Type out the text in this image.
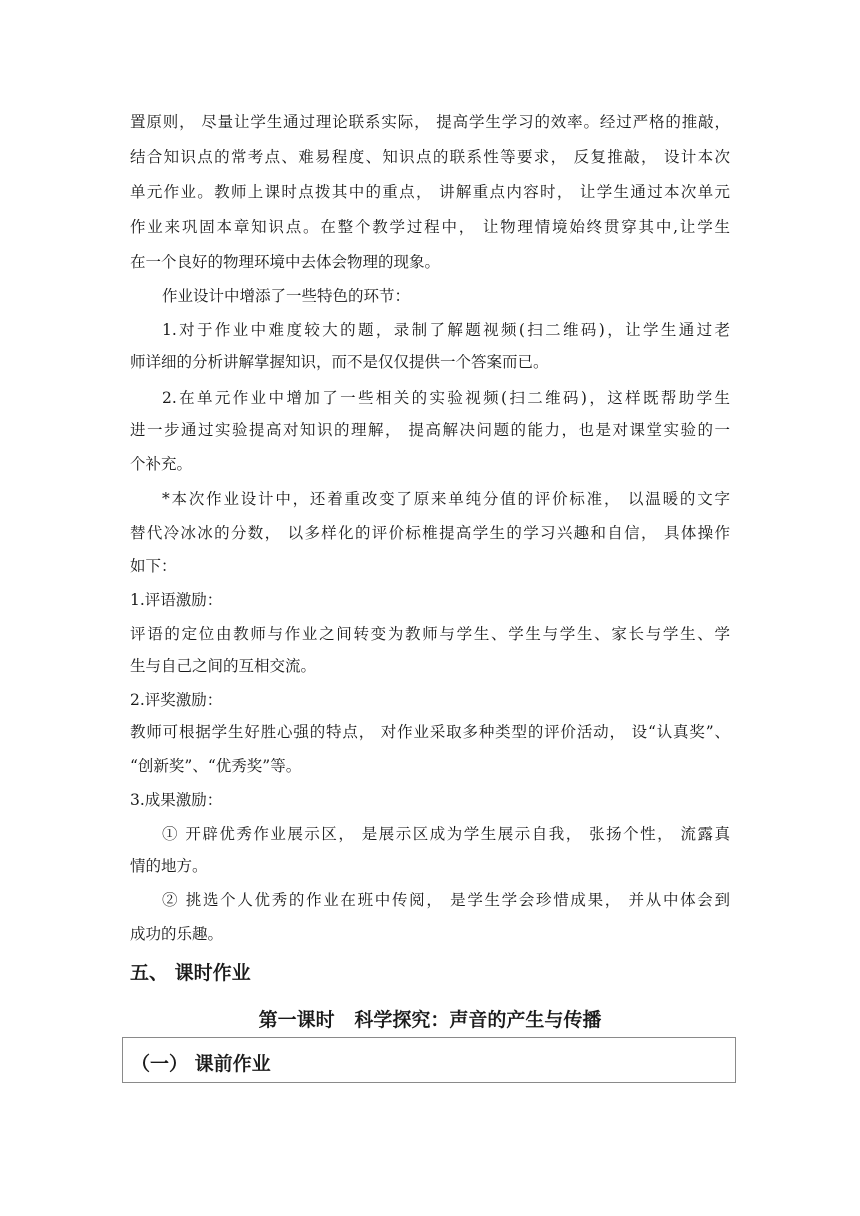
置原则， 尽量让学生通过理论联系实际， 提高学生学习的效率。经过严格的推敲，
结合知识点的常考点、难易程度、知识点的联系性等要求， 反复推敲， 设计本次
单元作业。教师上课时点拨其中的重点， 讲解重点内容时， 让学生通过本次单元
作业来巩固本章知识点。在整个教学过程中， 让物理情境始终贯穿其中,让学生
在一个良好的物理环境中去体会物理的现象。
作业设计中增添了一些特色的环节：
1.对于作业中难度较大的题，录制了解题视频(扫二维码)，让学生通过老
师详细的分析讲解掌握知识，而不是仅仅提供一个答案而已。
2.在单元作业中增加了一些相关的实验视频(扫二维码)，这样既帮助学生
进一步通过实验提高对知识的理解， 提高解决问题的能力，也是对课堂实验的一
个补充。
*本次作业设计中，还着重改变了原来单纯分值的评价标准， 以温暖的文字
替代冷冰冰的分数， 以多样化的评价标椎提高学生的学习兴趣和自信， 具体操作
如下：
1.评语激励：
评语的定位由教师与作业之间转变为教师与学生、学生与学生、家长与学生、学
生与自己之间的互相交流。
2.评奖激励：
教师可根据学生好胜心强的特点， 对作业采取多种类型的评价活动， 设“认真奖”、
“创新奖”、“优秀奖”等。
3.成果激励：
① 开辟优秀作业展示区， 是展示区成为学生展示自我， 张扬个性， 流露真
情的地方。
② 挑选个人优秀的作业在班中传阅， 是学生学会珍惜成果， 并从中体会到
成功的乐趣。
五、 课时作业
第一课时   科学探究：声音的产生与传播
（一） 课前作业
